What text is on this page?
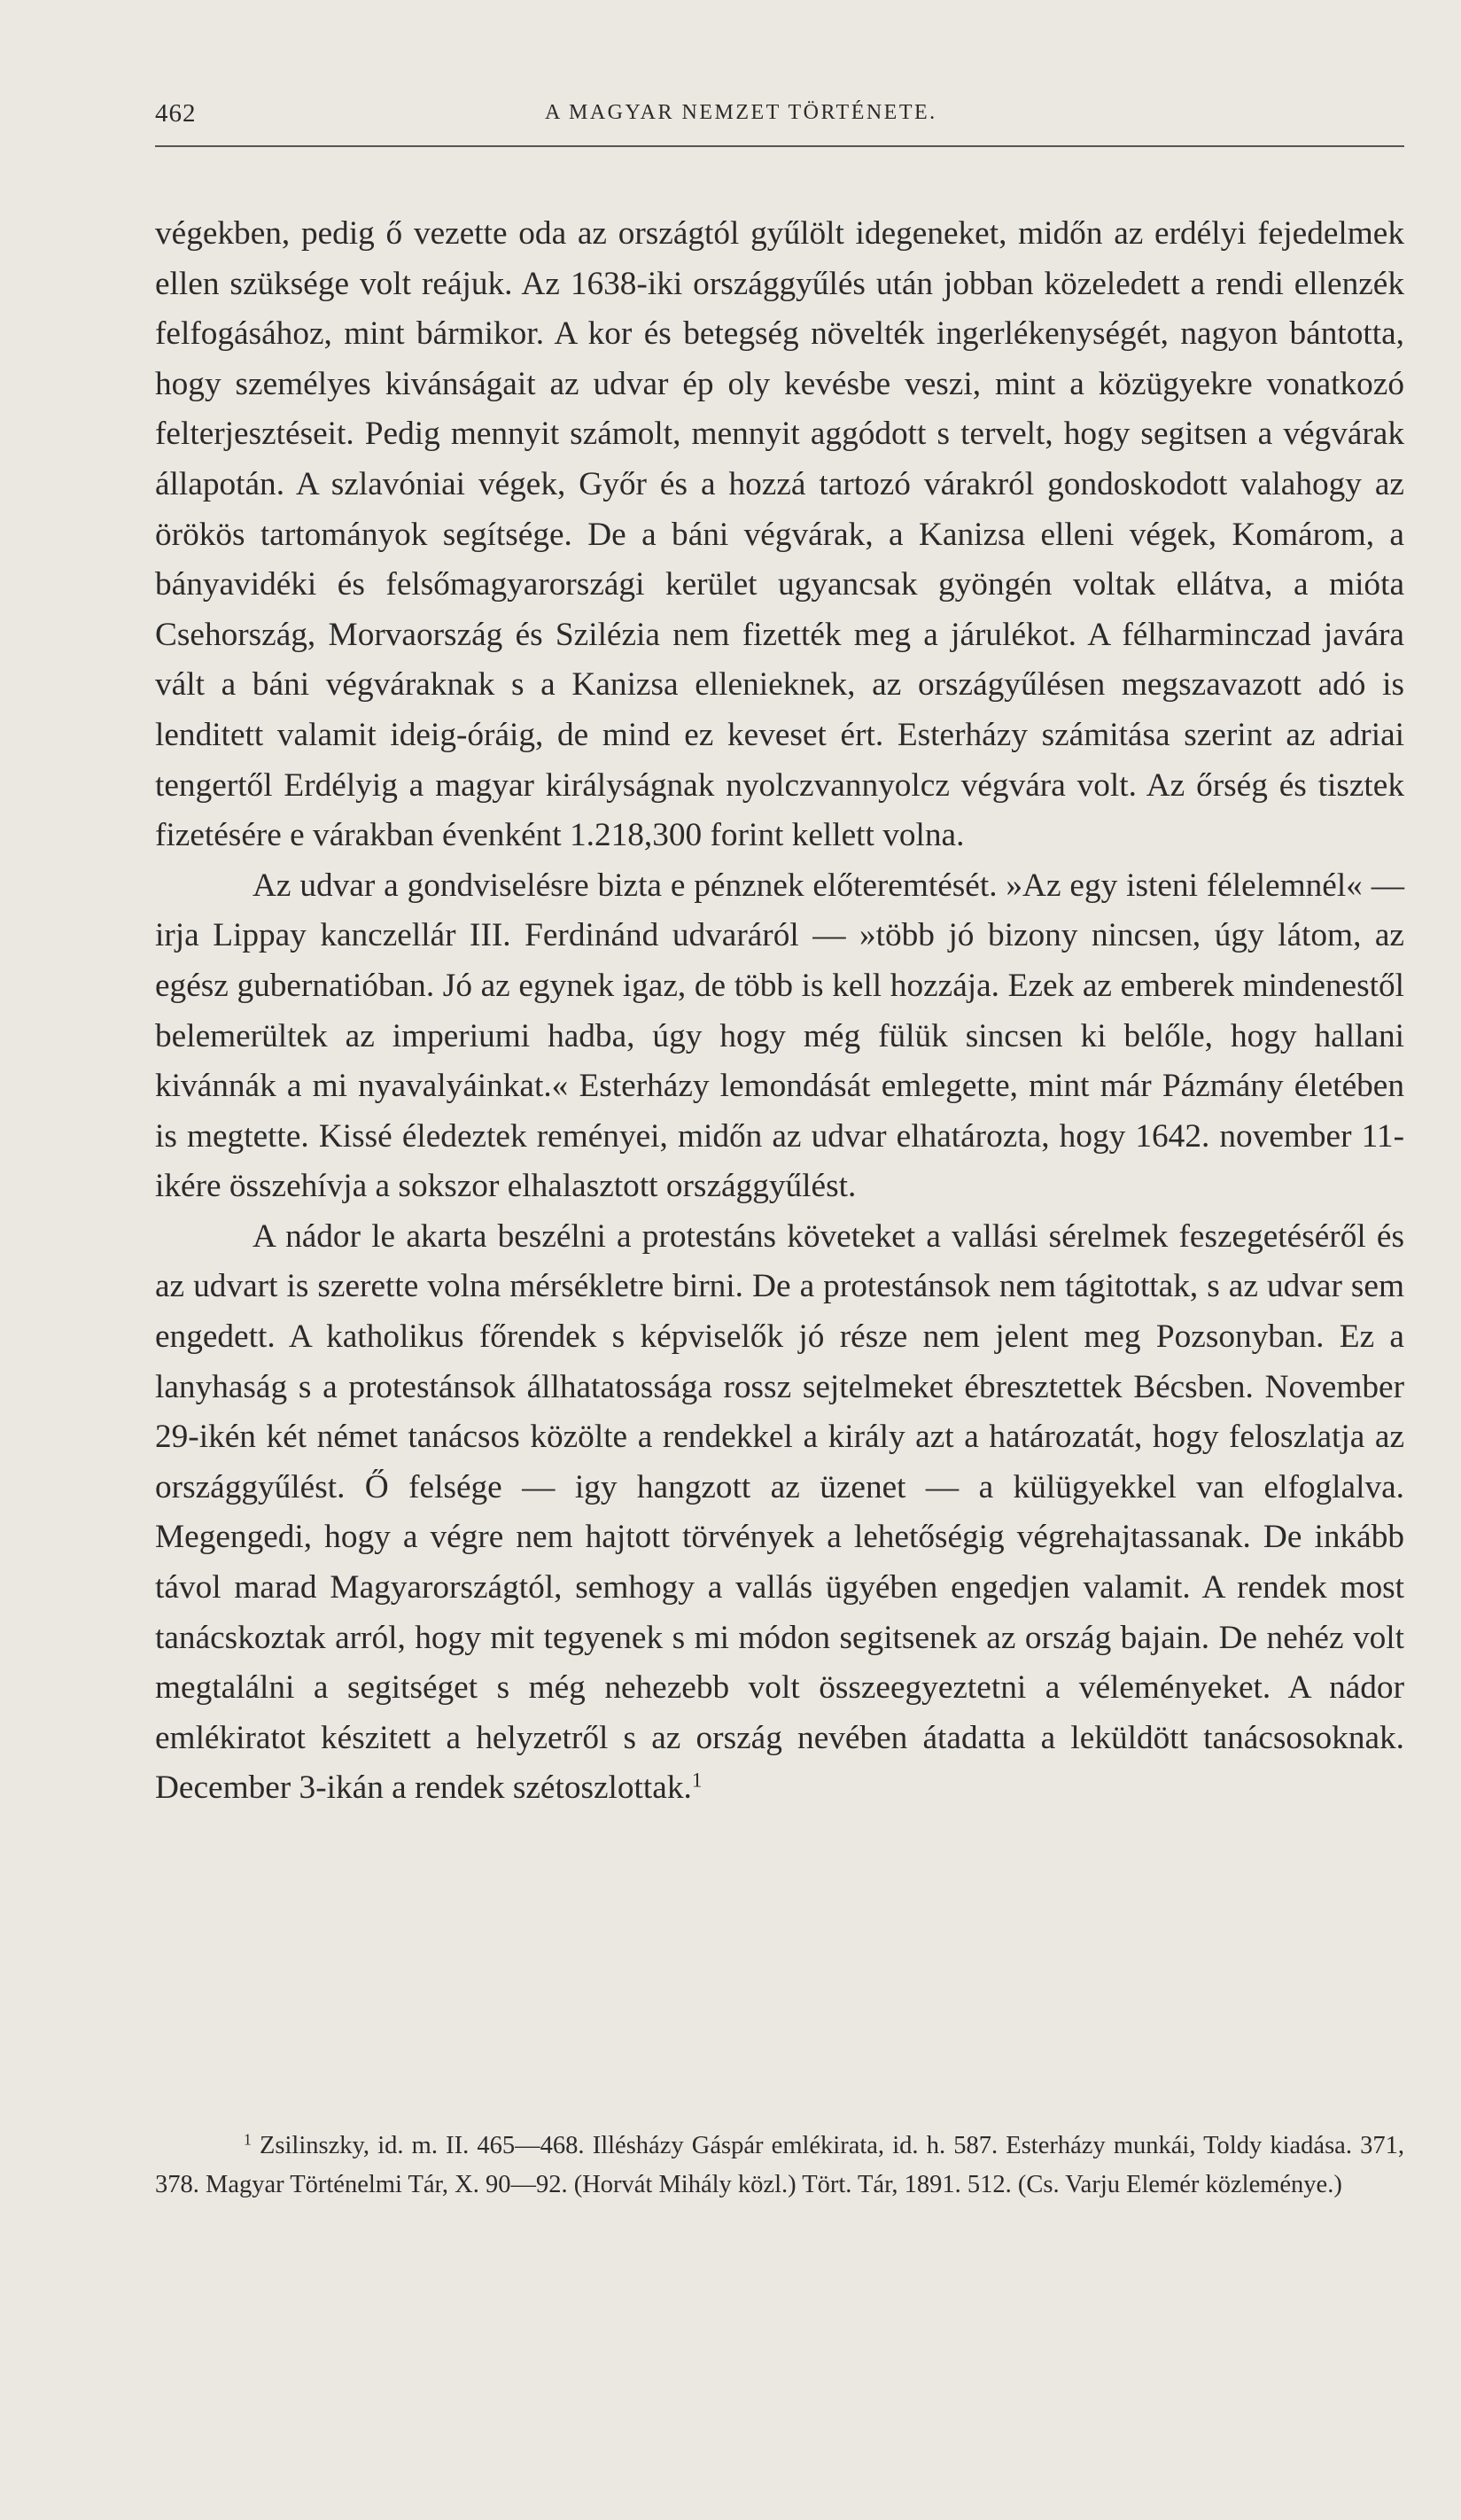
462	A MAGYAR NEMZET TÖRTÉNETE.

végekben, pedig ő vezette oda az országtól gyűlölt idegeneket, midőn az erdélyi fejedelmek ellen szüksége volt reájuk. Az 1638-iki országgyűlés után jobban közeledett a rendi ellenzék felfogásához, mint bármikor. A kor és betegség növelték ingerlékenységét, nagyon bántotta, hogy személyes kivánságait az udvar ép oly kevésbe veszi, mint a közügyekre vonatkozó felterjesztéseit. Pedig mennyit számolt, mennyit aggódott s tervelt, hogy segitsen a végvárak állapotán. A szlavóniai végek, Győr és a hozzá tartozó várakról gondoskodott valahogy az örökös tartományok segítsége. De a báni végvárak, a Kanizsa elleni végek, Komárom, a bányavidéki és felsőmagyarországi kerület ugyancsak gyöngén voltak ellátva, a mióta Csehország, Morvaország és Szilézia nem fizették meg a járulékot. A félharminczad javára vált a báni végváraknak s a Kanizsa ellenieknek, az országyűlésen megszavazott adó is lenditett valamit ideig-óráig, de mind ez keveset ért. Esterházy számitása szerint az adriai tengertől Erdélyig a magyar királyságnak nyolczvannyolcz végvára volt. Az őrség és tisztek fizetésére e várakban évenként 1.218,300 forint kellett volna.

Az udvar a gondviselésre bizta e pénznek előteremtését. »Az egy isteni félelemnél« — irja Lippay kanczellár III. Ferdinánd udvaráról — »több jó bizony nincsen, úgy látom, az egész gubernatióban. Jó az egynek igaz, de több is kell hozzája. Ezek az emberek mindenestől belemerültek az imperiumi hadba, úgy hogy még fülük sincsen ki belőle, hogy hallani kivánnák a mi nyavalyáinkat.« Esterházy lemondását emlegette, mint már Pázmány életében is megtette. Kissé éledeztek reményei, midőn az udvar elhatározta, hogy 1642. november 11-ikére összehívja a sokszor elhalasztott országgyűlést.

A nádor le akarta beszélni a protestáns követeket a vallási sérelmek feszegetéséről és az udvart is szerette volna mérsékletre birni. De a protestánsok nem tágitottak, s az udvar sem engedett. A katholikus főrendek s képviselők jó része nem jelent meg Pozsonyban. Ez a lanyhaság s a protestánsok állhatatossága rossz sejtelmeket ébresztettek Bécsben. November 29-ikén két német tanácsos közölte a rendekkel a király azt a határozatát, hogy feloszlatja az országgyűlést. Ő felsége — igy hangzott az üzenet — a külügyekkel van elfoglalva. Megengedi, hogy a végre nem hajtott törvények a lehetőségig végrehajtassanak. De inkább távol marad Magyarországtól, semhogy a vallás ügyében engedjen valamit. A rendek most tanácskoztak arról, hogy mit tegyenek s mi módon segitsenek az ország bajain. De nehéz volt megtalálni a segitséget s még nehezebb volt összeegyeztetni a véleményeket. A nádor emlékiratot készitett a helyzetről s az ország nevében átadatta a leküldött tanácsosoknak. December 3-ikán a rendek szétoszlottak.$^1$

$^1$ Zsilinszky, id. m. II. 465—468. Illésházy Gáspár emlékirata, id. h. 587. Esterházy munkái, Toldy kiadása. 371, 378. Magyar Történelmi Tár, X. 90—92. (Horvát Mihály közl.) Tört. Tár, 1891. 512. (Cs. Varju Elemér közleménye.)
